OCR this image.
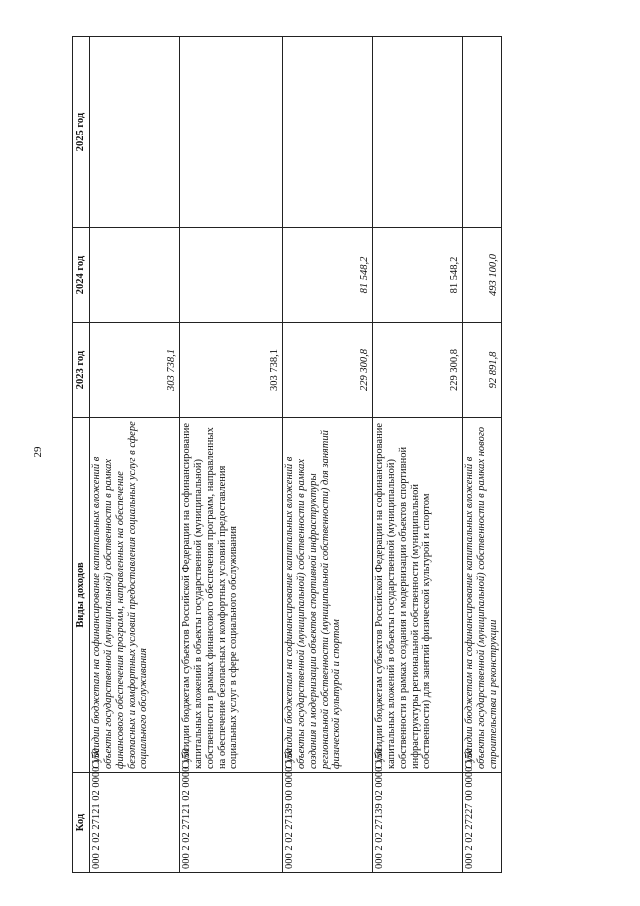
29
Код	Виды доходов	2023 год	2024 год	2025 год
000 2 02 27121 02 0000 150	Субсидии бюджетам на софинансирование капитальных вложений в объекты государственной (муниципальной) собственности в рамках финансового обеспечения программ, направленных на обеспечение безопасных и комфортных условий предоставления социальных услуг в сфере социального обслуживания	303 738,1		
000 2 02 27121 02 0000 150	Субсидии бюджетам субъектов Российской Федерации на софинансирование капитальных вложений в объекты государственной (муниципальной) собственности в рамках финансового обеспечения программ, направленных на обеспечение безопасных и комфортных условий предоставления социальных услуг в сфере социального обслуживания	303 738,1		
000 2 02 27139 00 0000 150	Субсидии бюджетам на софинансирование капитальных вложений в объекты государственной (муниципальной) собственности в рамках создания и модернизации объектов спортивной инфраструктуры региональной собственности (муниципальной собственности) для занятий физической культурой и спортом	229 300,8	81 548,2	
000 2 02 27139 02 0000 150	Субсидии бюджетам субъектов Российской Федерации на софинансирование капитальных вложений в объекты государственной (муниципальной) собственности в рамках создания и модернизации объектов спортивной инфраструктуры региональной собственности (муниципальной собственности) для занятий физической культурой и спортом	229 300,8	81 548,2	
000 2 02 27227 00 0000 150	Субсидии бюджетам на софинансирование капитальных вложений в объекты государственной (муниципальной) собственности в рамках нового строительства и реконструкции	92 891,8	493 100,0	
